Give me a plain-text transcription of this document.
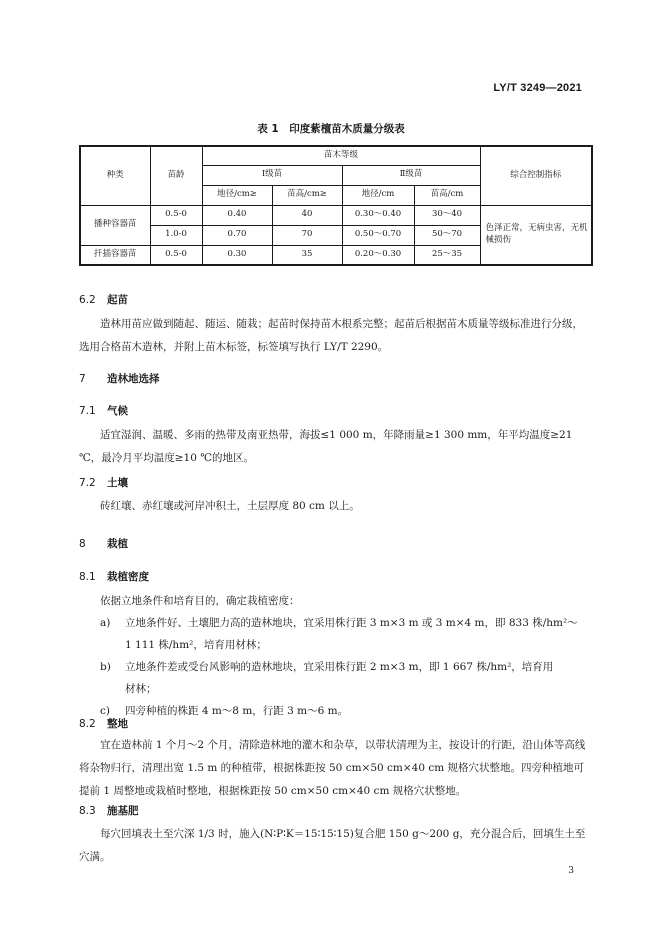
LY/T 3249—2021
表 1　印度紫檀苗木质量分级表
种类	苗龄	苗木等级				综合控制指标
		Ⅰ级苗		Ⅱ级苗		
		地径/cm≥	苗高/cm≥	地径/cm	苗高/cm	
播种容器苗	0.5-0	0.40	40	0.30～0.40	30～40	色泽正常，无病虫害，无机械损伤
	1.0-0	0.70	70	0.50～0.70	50～70	
扦插容器苗	0.5-0	0.30	35	0.20～0.30	25～35	
6.2 起苗

造林用苗应做到随起、随运、随栽；起苗时保持苗木根系完整；起苗后根据苗木质量等级标准进行分级，选用合格苗木造林，并附上苗木标签，标签填写执行 LY/T 2290。

7 造林地选择
7.1 气候

适宜湿润、温暖、多雨的热带及南亚热带，海拔≤1 000 m，年降雨量≥1 300 mm，年平均温度≥21 ℃，最冷月平均温度≥10 ℃的地区。

7.2 土壤

砖红壤、赤红壤或河岸冲积土，土层厚度 80 cm 以上。

8 栽植
8.1 栽植密度

依据立地条件和培育目的，确定栽植密度：

a) 立地条件好、土壤肥力高的造林地块，宜采用株行距 3 m×3 m 或 3 m×4 m，即 833 株/hm²～
1 111 株/hm²，培育用材林；
b) 立地条件差或受台风影响的造林地块，宜采用株行距 2 m×3 m，即 1 667 株/hm²，培育用
材林；
c) 四旁种植的株距 4 m～8 m，行距 3 m～6 m。
8.2 整地

宜在造林前 1 个月～2 个月，清除造林地的灌木和杂草，以带状清理为主，按设计的行距，沿山体等高线将杂物归行，清理出宽 1.5 m 的种植带，根据株距按 50 cm×50 cm×40 cm 规格穴状整地。四旁种植地可提前 1 周整地或栽植时整地，根据株距按 50 cm×50 cm×40 cm 规格穴状整地。

8.3 施基肥

每穴回填表土至穴深 1/3 时，施入(N∶P∶K＝15∶15∶15)复合肥 150 g～200 g，充分混合后，回填生土至穴满。

3
